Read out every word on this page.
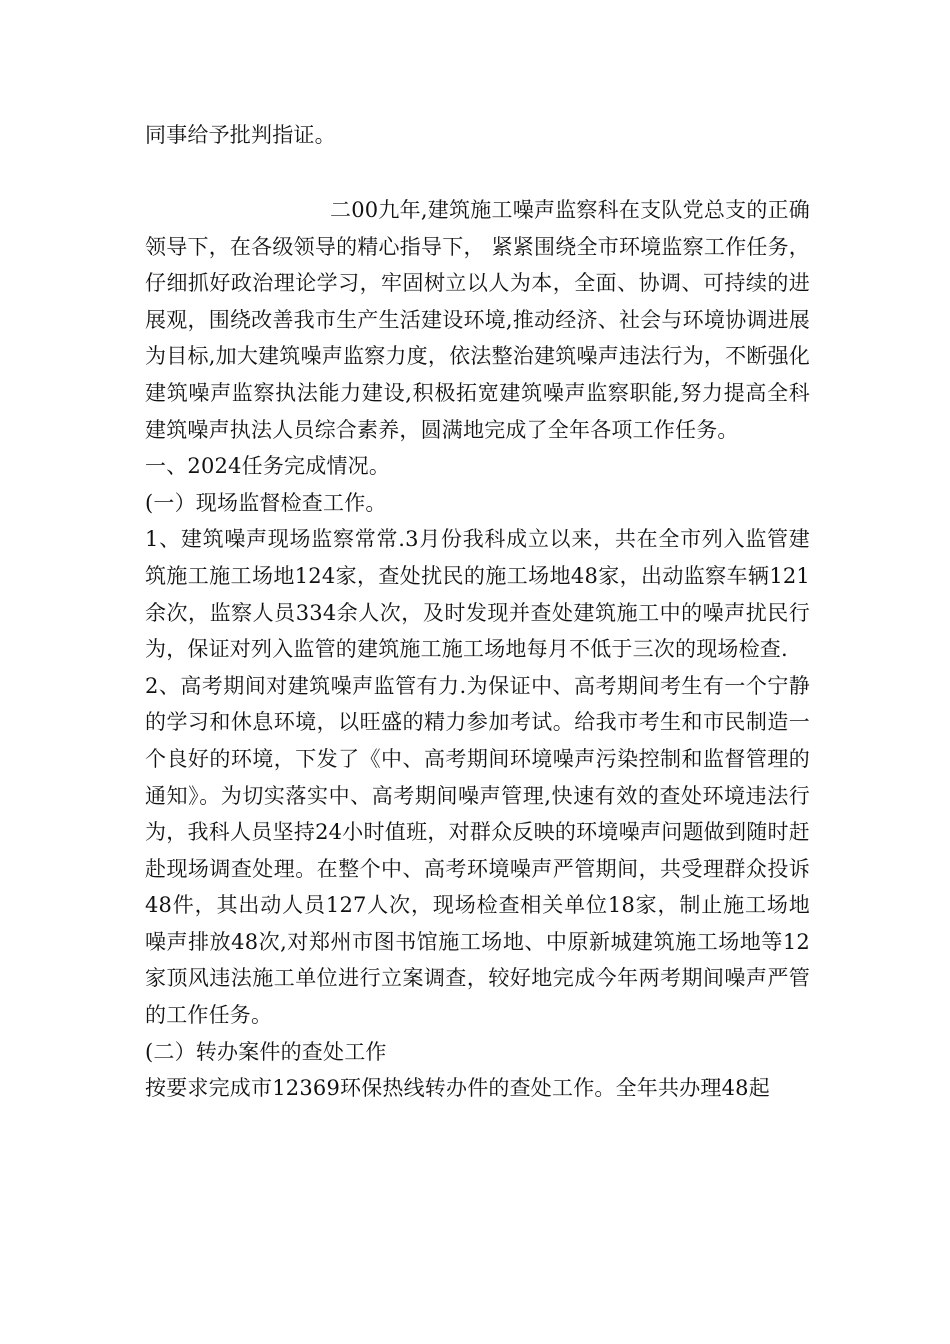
同事给予批判指证。

二00九年,建筑施工噪声监察科在支队党总支的正确领导下，在各级领导的精心指导下， 紧紧围绕全市环境监察工作任务，仔细抓好政治理论学习，牢固树立以人为本，全面、协调、可持续的进展观，围绕改善我市生产生活建设环境,推动经济、社会与环境协调进展为目标,加大建筑噪声监察力度，依法整治建筑噪声违法行为，不断强化建筑噪声监察执法能力建设,积极拓宽建筑噪声监察职能,努力提高全科建筑噪声执法人员综合素养，圆满地完成了全年各项工作任务。

一、2024任务完成情况。

(一）现场监督检查工作。

1、建筑噪声现场监察常常.3月份我科成立以来，共在全市列入监管建筑施工施工场地124家，查处扰民的施工场地48家，出动监察车辆121余次，监察人员334余人次，及时发现并查处建筑施工中的噪声扰民行为，保证对列入监管的建筑施工施工场地每月不低于三次的现场检查.

2、高考期间对建筑噪声监管有力.为保证中、高考期间考生有一个宁静的学习和休息环境，以旺盛的精力参加考试。给我市考生和市民制造一个良好的环境，下发了《中、高考期间环境噪声污染控制和监督管理的通知》。为切实落实中、高考期间噪声管理,快速有效的查处环境违法行为，我科人员坚持24小时值班，对群众反映的环境噪声问题做到随时赶赴现场调查处理。在整个中、高考环境噪声严管期间，共受理群众投诉48件，其出动人员127人次，现场检查相关单位18家，制止施工场地噪声排放48次,对郑州市图书馆施工场地、中原新城建筑施工场地等12家顶风违法施工单位进行立案调查，较好地完成今年两考期间噪声严管的工作任务。

(二）转办案件的查处工作

按要求完成市12369环保热线转办件的查处工作。全年共办理48起
